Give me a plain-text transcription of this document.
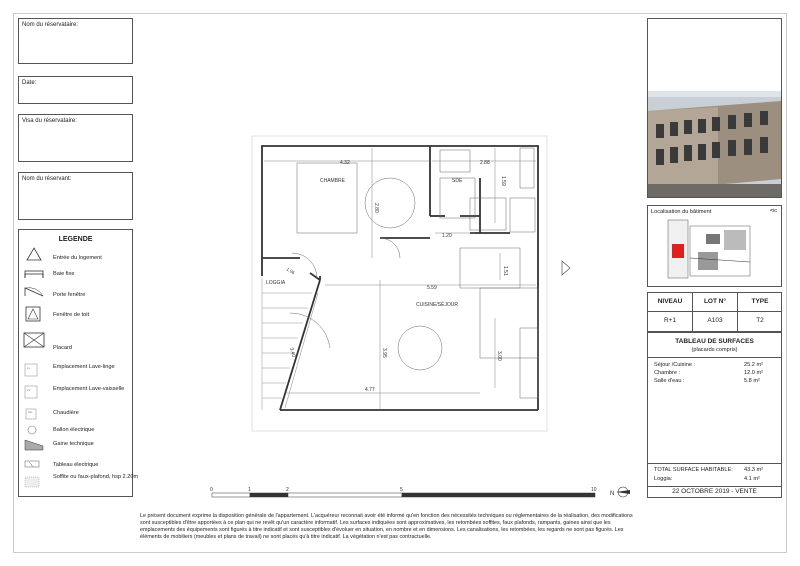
Nom du réservataire:
Date:
Visa du réservataire:
Nom du réservant:
LEGENDE
Entrée du logement
Baie fixe
Porte fenêtre
Fenêtre de toit
Placard
LL	Emplacement Lave-linge
LV	Emplacement Lave-vaisselle
CH	Chaudière
Ballon électrique
Gaine technique
Tableau électrique
Soffite ou faux-plafond, hsp 2.20m
CHAMBRE	SDE
LOGGIA
CUISINE/SÉJOUR
4.32	2.88
2.80
1.20
1.59
1.51
5.59
3.95
3.40	3.00
4.77
1.06
0	1	2	5	10
N
Localisation du bâtiment	⊲c
NIVEAU	LOT N°	TYPE
R+1	A103	T2
TABLEAU DE SURFACES
(placards compris)
Séjour /Cuisine :	25.2 m²
Chambre :	12.0 m²
Salle d'eau :	5.8 m²
TOTAL SURFACE HABITABLE: 43.3 m²
Loggia:	4.1 m²
22 OCTOBRE 2019 - VENTE
Le présent document exprime la disposition générale de l'appartement. L'acquéreur reconnait avoir été informé qu'en fonction des nécessités techniques ou réglementaires de la réalisation, des modifications sont susceptibles d'être apportées à ce plan qui ne revêt qu'un caractère informatif. Les surfaces indiquées sont approximatives, les retombées soffites, faux plafonds, rampants, gaines ainsi que les emplacements des équipements sont figurés à titre indicatif et sont susceptibles d'évoluer en situation, en nombre et en dimensions. Les canalisations, les retombées, les regards ne sont pas figurés. Les éléments de mobiliers (meubles et plans de travail) ne sont placés qu'à titre indicatif. La végétation n'est pas contractuelle.
